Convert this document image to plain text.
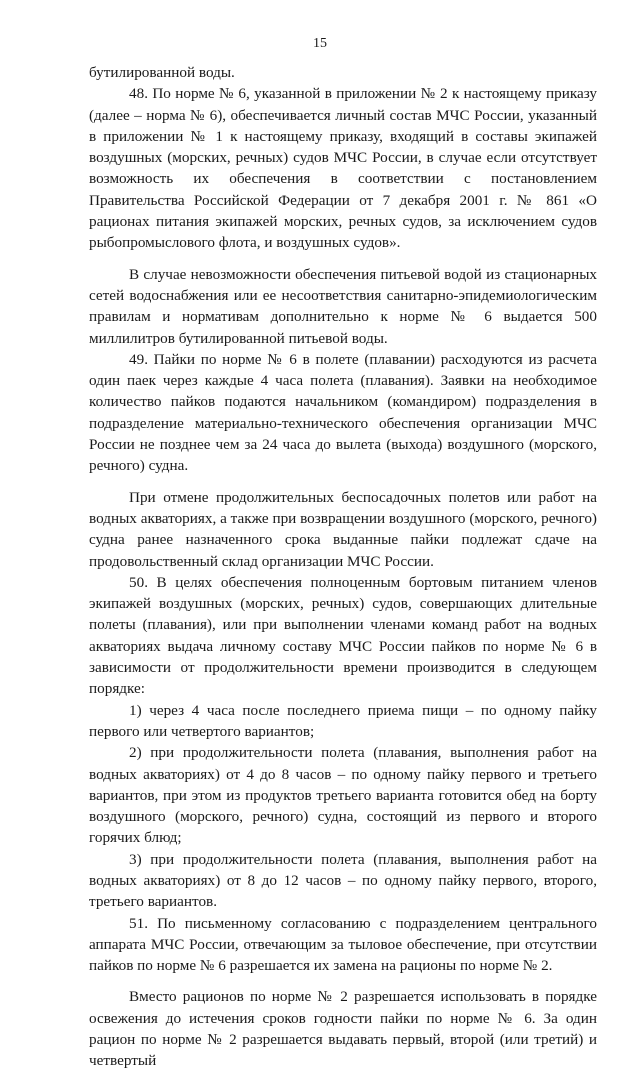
15

бутилированной воды.

48. По норме № 6, указанной в приложении № 2 к настоящему приказу (далее – норма № 6), обеспечивается личный состав МЧС России, указанный в приложении № 1 к настоящему приказу, входящий в составы экипажей воздушных (морских, речных) судов МЧС России, в случае если отсутствует возможность их обеспечения в соответствии с постановлением Правительства Российской Федерации от 7 декабря 2001 г. № 861 «О рационах питания экипажей морских, речных судов, за исключением судов рыбопромыслового флота, и воздушных судов».

В случае невозможности обеспечения питьевой водой из стационарных сетей водоснабжения или ее несоответствия санитарно-эпидемиологическим правилам и нормативам дополнительно к норме № 6 выдается 500 миллилитров бутилированной питьевой воды.

49. Пайки по норме № 6 в полете (плавании) расходуются из расчета один паек через каждые 4 часа полета (плавания). Заявки на необходимое количество пайков подаются начальником (командиром) подразделения в подразделение материально-технического обеспечения организации МЧС России не позднее чем за 24 часа до вылета (выхода) воздушного (морского, речного) судна.

При отмене продолжительных беспосадочных полетов или работ на водных акваториях, а также при возвращении воздушного (морского, речного) судна ранее назначенного срока выданные пайки подлежат сдаче на продовольственный склад организации МЧС России.

50. В целях обеспечения полноценным бортовым питанием членов экипажей воздушных (морских, речных) судов, совершающих длительные полеты (плавания), или при выполнении членами команд работ на водных акваториях выдача личному составу МЧС России пайков по норме № 6 в зависимости от продолжительности времени производится в следующем порядке:

1) через 4 часа после последнего приема пищи – по одному пайку первого или четвертого вариантов;

2) при продолжительности полета (плавания, выполнения работ на водных акваториях) от 4 до 8 часов – по одному пайку первого и третьего вариантов, при этом из продуктов третьего варианта готовится обед на борту воздушного (морского, речного) судна, состоящий из первого и второго горячих блюд;

3) при продолжительности полета (плавания, выполнения работ на водных акваториях) от 8 до 12 часов – по одному пайку первого, второго, третьего вариантов.

51. По письменному согласованию с подразделением центрального аппарата МЧС России, отвечающим за тыловое обеспечение, при отсутствии пайков по норме № 6 разрешается их замена на рационы по норме № 2.

Вместо рационов по норме № 2 разрешается использовать в порядке освежения до истечения сроков годности пайки по норме № 6. За один рацион по норме № 2 разрешается выдавать первый, второй (или третий) и четвертый
